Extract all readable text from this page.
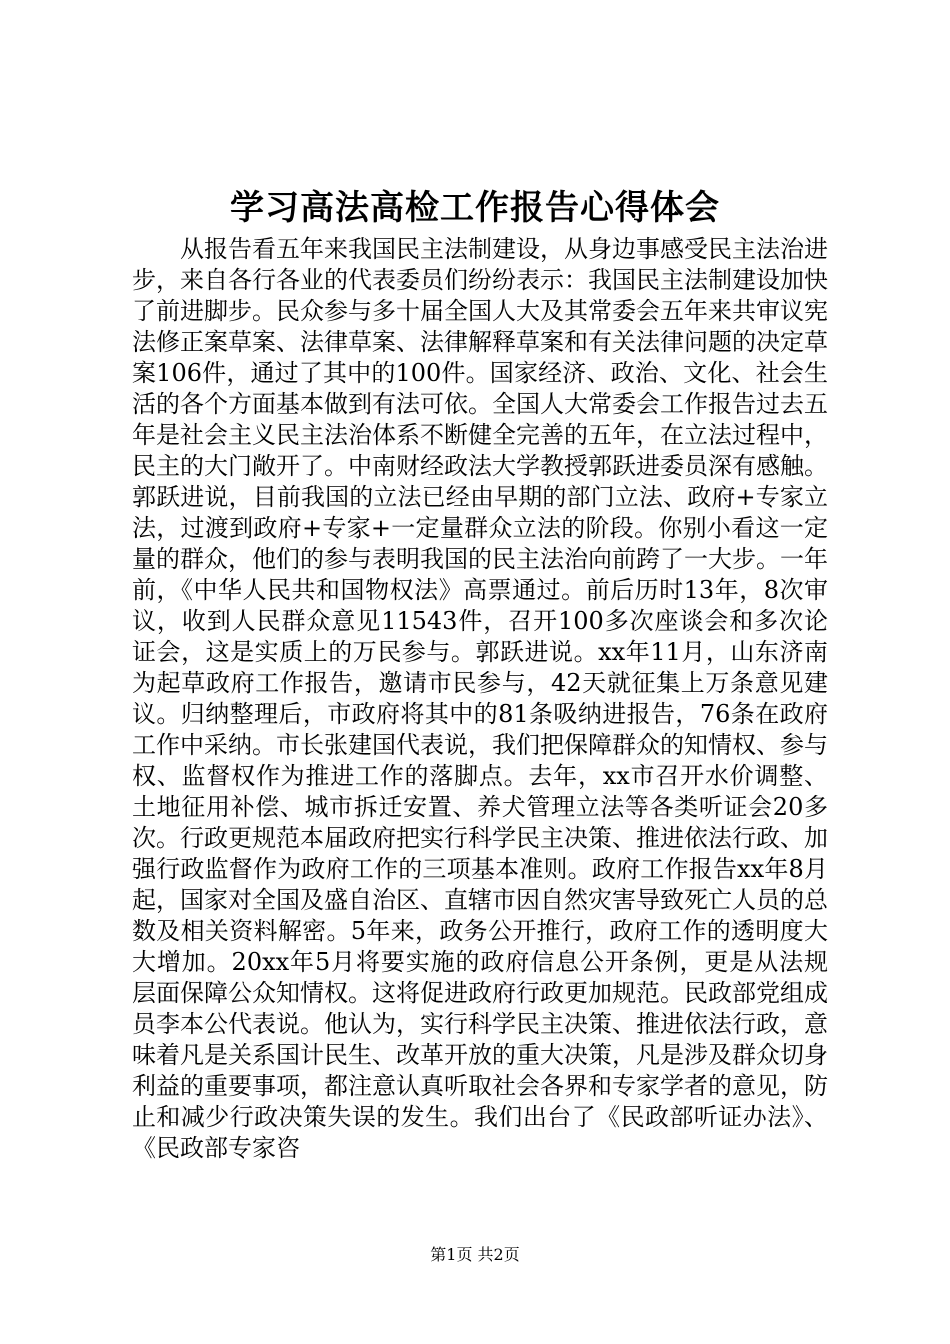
学习高法高检工作报告心得体会

从报告看五年来我国民主法制建设，从身边事感受民主法治进步，来自各行各业的代表委员们纷纷表示：我国民主法制建设加快了前进脚步。民众参与多十届全国人大及其常委会五年来共审议宪法修正案草案、法律草案、法律解释草案和有关法律问题的决定草案106件，通过了其中的100件。国家经济、政治、文化、社会生活的各个方面基本做到有法可依。全国人大常委会工作报告过去五年是社会主义民主法治体系不断健全完善的五年，在立法过程中，民主的大门敞开了。中南财经政法大学教授郭跃进委员深有感触。郭跃进说，目前我国的立法已经由早期的部门立法、政府+专家立法，过渡到政府+专家+一定量群众立法的阶段。你别小看这一定量的群众，他们的参与表明我国的民主法治向前跨了一大步。一年前，《中华人民共和国物权法》高票通过。前后历时13年，8次审议，收到人民群众意见11543件，召开100多次座谈会和多次论证会，这是实质上的万民参与。郭跃进说。xx年11月，山东济南为起草政府工作报告，邀请市民参与，42天就征集上万条意见建议。归纳整理后，市政府将其中的81条吸纳进报告，76条在政府工作中采纳。市长张建国代表说，我们把保障群众的知情权、参与权、监督权作为推进工作的落脚点。去年，xx市召开水价调整、土地征用补偿、城市拆迁安置、养犬管理立法等各类听证会20多次。行政更规范本届政府把实行科学民主决策、推进依法行政、加强行政监督作为政府工作的三项基本准则。政府工作报告xx年8月起，国家对全国及盛自治区、直辖市因自然灾害导致死亡人员的总数及相关资料解密。5年来，政务公开推行，政府工作的透明度大大增加。20xx年5月将要实施的政府信息公开条例，更是从法规层面保障公众知情权。这将促进政府行政更加规范。民政部党组成员李本公代表说。他认为，实行科学民主决策、推进依法行政，意味着凡是关系国计民生、改革开放的重大决策，凡是涉及群众切身利益的重要事项，都注意认真听取社会各界和专家学者的意见，防止和减少行政决策失误的发生。我们出台了《民政部听证办法》、《民政部专家咨

第1页 共2页
